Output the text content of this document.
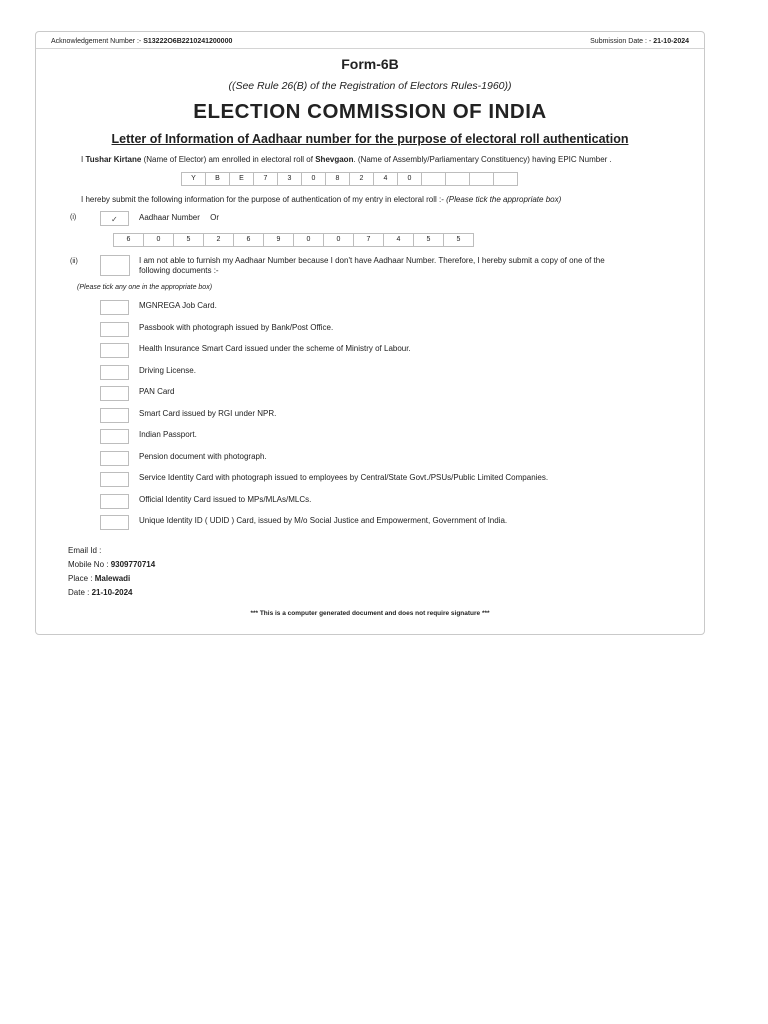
Acknowledgement Number :- S13222O6B2210241200000	Submission Date : - 21-10-2024
Form-6B
((See Rule 26(B) of the Registration of Electors Rules-1960))
ELECTION COMMISSION OF INDIA
Letter of Information of Aadhaar number for the purpose of electoral roll authentication
I Tushar Kirtane (Name of Elector) am enrolled in electoral roll of Shevgaon. (Name of Assembly/Parliamentary Constituency) having EPIC Number .
Y	B	E	7	3	0	8	2	4	0
I hereby submit the following information for the purpose of authentication of my entry in electoral roll :- (Please tick the appropriate box)
(i)	✓	Aadhaar Number Or
6	0	5	2	6	9	0	0	7	4	5	5
(ii)	I am not able to furnish my Aadhaar Number because I don't have Aadhaar Number. Therefore, I hereby submit a copy of one of the
following documents :-
(Please tick any one in the appropriate box)
MGNREGA Job Card.
Passbook with photograph issued by Bank/Post Office.
Health Insurance Smart Card issued under the scheme of Ministry of Labour.
Driving License.
PAN Card
Smart Card issued by RGI under NPR.
Indian Passport.
Pension document with photograph.
Service Identity Card with photograph issued to employees by Central/State Govt./PSUs/Public Limited Companies.
Official Identity Card issued to MPs/MLAs/MLCs.
Unique Identity ID ( UDID ) Card, issued by M/o Social Justice and Empowerment, Government of India.
Email Id :
Mobile No : 9309770714
Place : Malewadi
Date : 21-10-2024
*** This is a computer generated document and does not require signature ***
